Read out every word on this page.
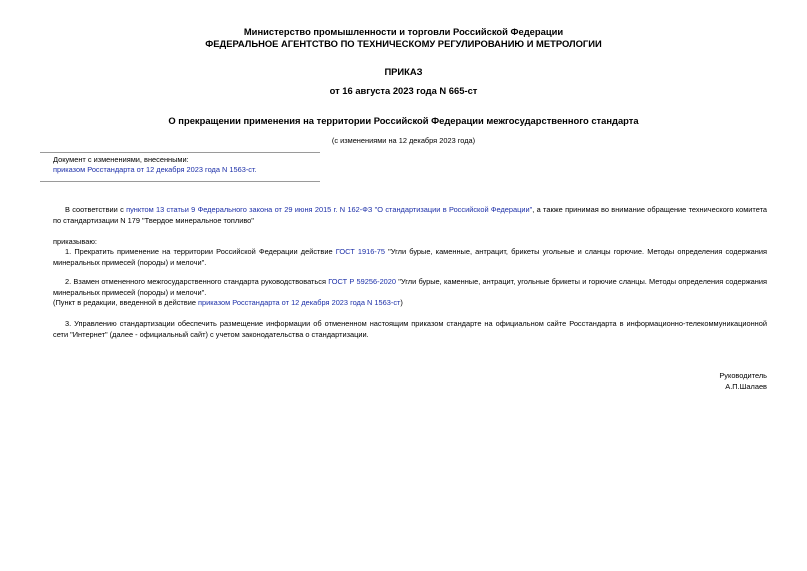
Министерство промышленности и торговли Российской Федерации
ФЕДЕРАЛЬНОЕ АГЕНТСТВО ПО ТЕХНИЧЕСКОМУ РЕГУЛИРОВАНИЮ И МЕТРОЛОГИИ
ПРИКАЗ
от 16 августа 2023 года N 665-ст
О прекращении применения на территории Российской Федерации межгосударственного стандарта
(с изменениями на 12 декабря 2023 года)
Документ с изменениями, внесенными:
приказом Росстандарта от 12 декабря 2023 года N 1563-ст.
В соответствии с пунктом 13 статьи 9 Федерального закона от 29 июня 2015 г. N 162-ФЗ "О стандартизации в Российской Федерации", а также принимая во внимание обращение технического комитета по стандартизации N 179 "Твердое минеральное топливо"
приказываю:
1. Прекратить применение на территории Российской Федерации действие ГОСТ 1916-75 "Угли бурые, каменные, антрацит, брикеты угольные и сланцы горючие. Методы определения содержания минеральных примесей (породы) и мелочи".
2. Взамен отмененного межгосударственного стандарта руководствоваться ГОСТ Р 59256-2020 "Угли бурые, каменные, антрацит, угольные брикеты и горючие сланцы. Методы определения содержания минеральных примесей (породы) и мелочи".
(Пункт в редакции, введенной в действие приказом Росстандарта от 12 декабря 2023 года N 1563-ст)
3. Управлению стандартизации обеспечить размещение информации об отмененном настоящим приказом стандарте на официальном сайте Росстандарта в информационно-телекоммуникационной сети "Интернет" (далее - официальный сайт) с учетом законодательства о стандартизации.
Руководитель
А.П.Шалаев
